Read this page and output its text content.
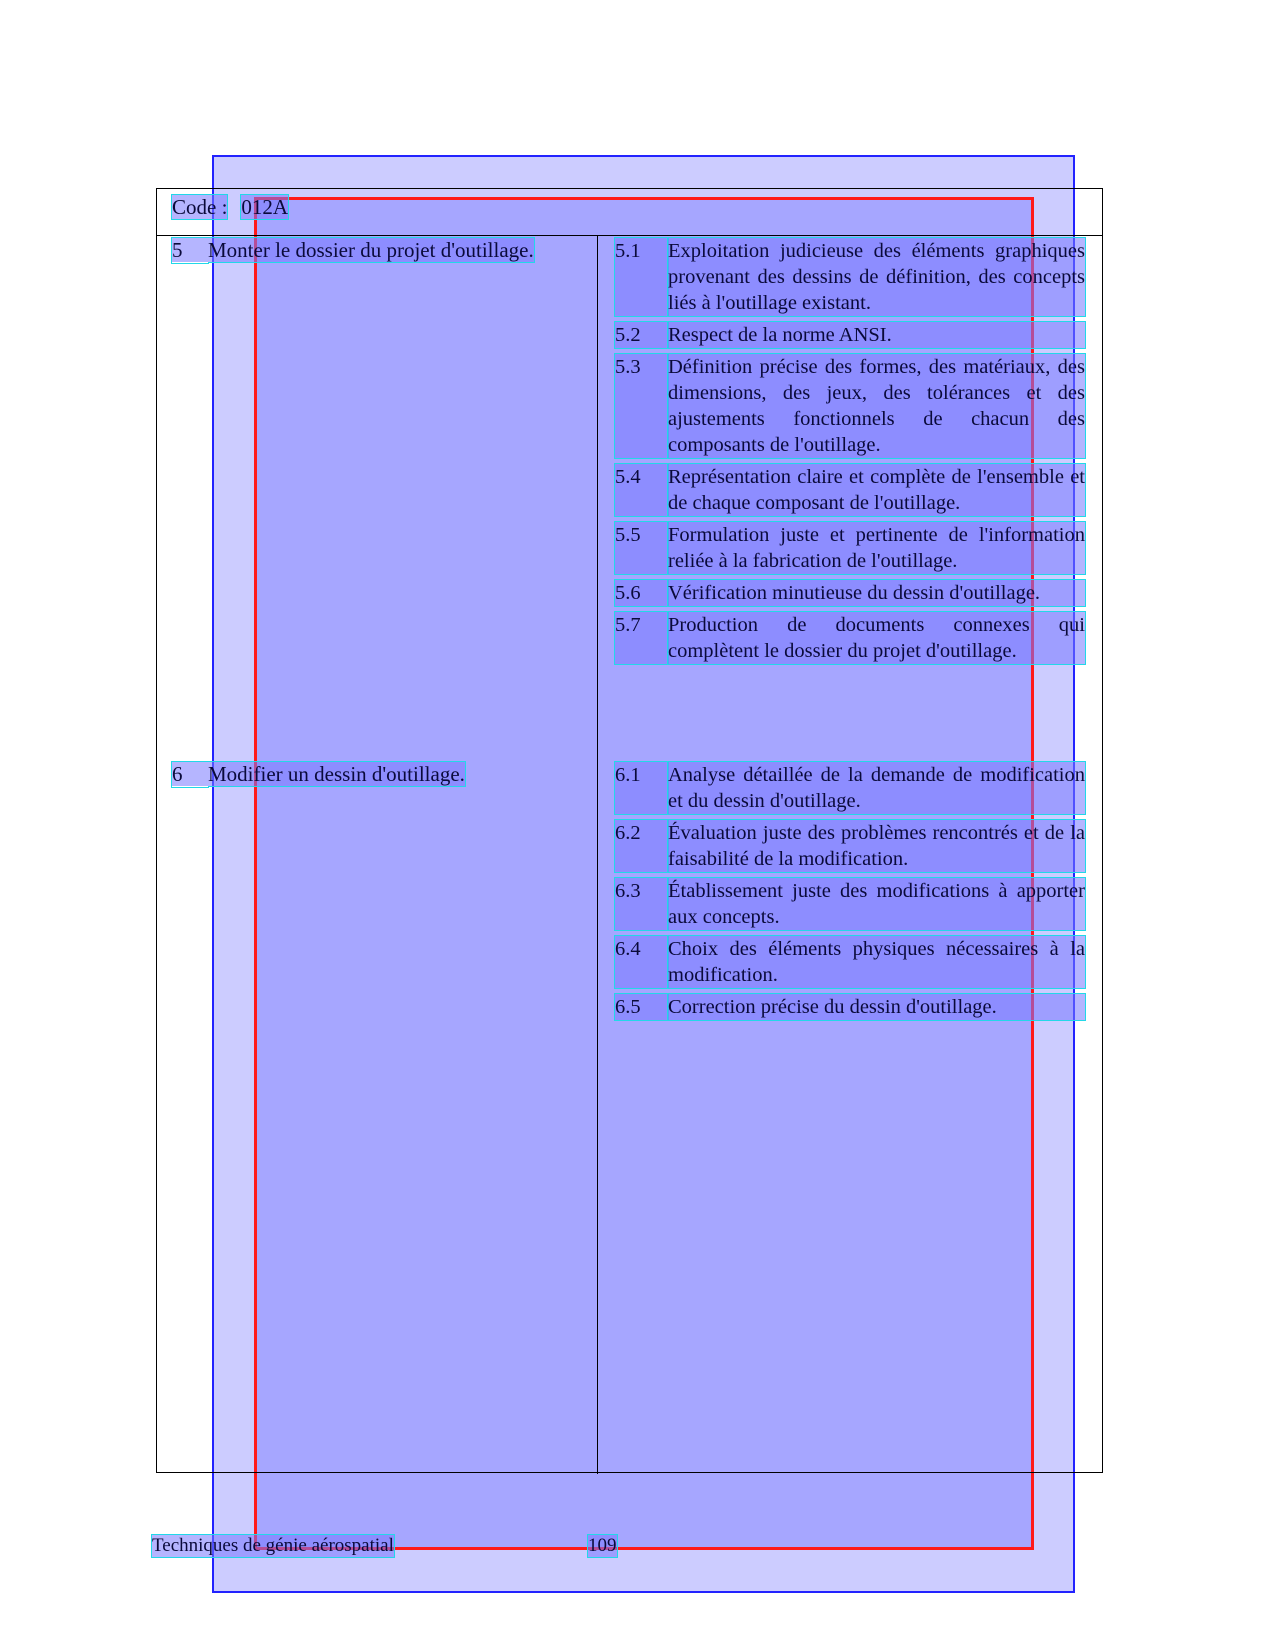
Code : 012A
5 Monter le dossier du projet d'outillage.	5.1	Exploitation judicieuse des éléments graphiques provenant des dessins de définition, des concepts liés à l'outillage existant.
5.2	Respect de la norme ANSI.
5.3	Définition précise des formes, des matériaux, des dimensions, des jeux, des tolérances et des ajustements fonctionnels de chacun des composants de l'outillage.
5.4	Représentation claire et complète de l'ensemble et de chaque composant de l'outillage.
5.5	Formulation juste et pertinente de l'information reliée à la fabrication de l'outillage.
5.6	Vérification minutieuse du dessin d'outillage.
5.7	Production de documents connexes qui complètent le dossier du projet d'outillage.
6 Modifier un dessin d'outillage.	6.1	Analyse détaillée de la demande de modification et du dessin d'outillage.
6.2	Évaluation juste des problèmes rencontrés et de la faisabilité de la modification.
6.3	Établissement juste des modifications à apporter aux concepts.
6.4	Choix des éléments physiques nécessaires à la modification.
6.5	Correction précise du dessin d'outillage.
Techniques de génie aérospatial	109
